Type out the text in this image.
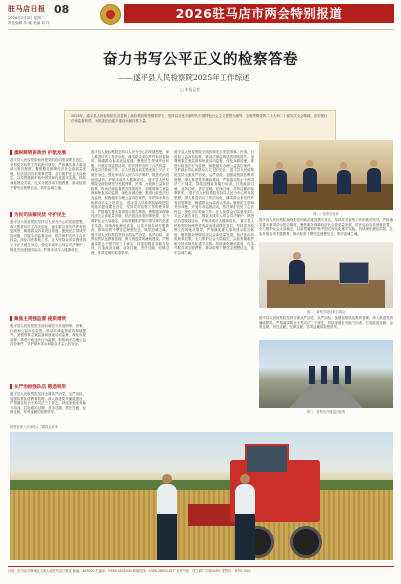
驻马店日报 08
2026年2月3日 星期二
责任编辑 李 娜 美编 刘 洋
2026驻马店市两会特别报道
奋力书写公平正义的检察答卷
——遂平县人民检察院2025年工作综述
□ 本报记者
2025年，遂平县人民检察院在县委和上级检察院的坚强领导下，坚持以习近平新时代中国特色社会主义思想为指导，全面贯彻党的二十大和二十届历次全会精神，忠实履行法律监督职责，为推进法治遂平建设贡献检察力量。
旗帜鲜明讲政治 护航发展
遂平县人民检察院始终把党的政治建设摆在首位，坚持党对检察工作的绝对领导，严格落实重大事项请示报告制度，聚焦服务保障经济社会高质量发展，依法惩治各类刑事犯罪，全力维护社会大局稳定，以检察履职护航中国式现代化遂平实践。持续深化理论武装，扎实开展各项专题教育，推动检察干警坚定理想信念、筑牢忠诚之魂。
为民司法解民忧 守护民生
遂平县人民检察院坚持以人民为中心的发展思想，深入推进信访工作法治化，落实群众来信件件有回复制度，畅通群众诉求表达渠道。聚焦民生领域突出问题，开展专项监督活动，依法保护农民工合法权益，深化司法救助工作，让人民群众切实感受到公平正义就在身边。强化未成年人综合司法保护，推进法治进校园活动，护航未成年人健康成长。
聚焦主责强监督 提质增效
遂平县人民检察院全面协调充分发展刑事、民事、行政和公益诉讼检察，推动法律监督质效持续提升。加强刑事立案监督和侦查活动监督，深化诉源治理，推进行政违法行为监督，积极稳妥办理公益诉讼案件，守护绿水青山和群众舌尖上的安全。
从严治检强队伍 锻造铁军
遂平县人民检察院坚持全面从严治党、从严治检，加强检察队伍教育管理，深入推进党风廉政建设，严格落实防止干预司法三个规定，持续加强业务能力培训，打造政治过硬、业务过硬、责任过硬、纪律过硬、作风过硬的检察铁军。
遂平县人民检察院坚持以人民为中心的发展思想，深入推进信访工作法治化，落实群众来信件件有回复制度，畅通群众诉求表达渠道。聚焦民生领域突出问题，开展专项监督活动，依法保护农民工合法权益，深化司法救助工作，让人民群众切实感受到公平正义就在身边。强化未成年人综合司法保护，推进法治进校园活动，护航未成年人健康成长。 遂平县人民检察院全面协调充分发展刑事、民事、行政和公益诉讼检察，推动法律监督质效持续提升。加强刑事立案监督和侦查活动监督，深化诉源治理，推进行政违法行为监督，积极稳妥办理公益诉讼案件，守护绿水青山和群众舌尖上的安全。 遂平县人民检察院始终把党的政治建设摆在首位，坚持党对检察工作的绝对领导，严格落实重大事项请示报告制度，聚焦服务保障经济社会高质量发展，依法惩治各类刑事犯罪，全力维护社会大局稳定，以检察履职护航中国式现代化遂平实践。持续深化理论武装，扎实开展各项专题教育，推动检察干警坚定理想信念、筑牢忠诚之魂。 遂平县人民检察院坚持全面从严治党、从严治检，加强检察队伍教育管理，深入推进党风廉政建设，严格落实防止干预司法三个规定，持续加强业务能力培训，打造政治过硬、业务过硬、责任过硬、纪律过硬、作风过硬的检察铁军。
遂平县人民检察院全面协调充分发展刑事、民事、行政和公益诉讼检察，推动法律监督质效持续提升。加强刑事立案监督和侦查活动监督，深化诉源治理，推进行政违法行为监督，积极稳妥办理公益诉讼案件，守护绿水青山和群众舌尖上的安全。 遂平县人民检察院坚持全面从严治党、从严治检，加强检察队伍教育管理，深入推进党风廉政建设，严格落实防止干预司法三个规定，持续加强业务能力培训，打造政治过硬、业务过硬、责任过硬、纪律过硬、作风过硬的检察铁军。 遂平县人民检察院坚持以人民为中心的发展思想，深入推进信访工作法治化，落实群众来信件件有回复制度，畅通群众诉求表达渠道。聚焦民生领域突出问题，开展专项监督活动，依法保护农民工合法权益，深化司法救助工作，让人民群众切实感受到公平正义就在身边。强化未成年人综合司法保护，推进法治进校园活动，护航未成年人健康成长。 遂平县人民检察院始终把党的政治建设摆在首位，坚持党对检察工作的绝对领导，严格落实重大事项请示报告制度，聚焦服务保障经济社会高质量发展，依法惩治各类刑事犯罪，全力维护社会大局稳定，以检察履职护航中国式现代化遂平实践。持续深化理论武装，扎实开展各项专题教育，推动检察干警坚定理想信念、筑牢忠诚之魂。
遂平县人民检察院始终把党的政治建设摆在首位，坚持党对检察工作的绝对领导，严格落实重大事项请示报告制度，聚焦服务保障经济社会高质量发展，依法惩治各类刑事犯罪，全力维护社会大局稳定，以检察履职护航中国式现代化遂平实践。持续深化理论武装，扎实开展各项专题教育，推动检察干警坚定理想信念、筑牢忠诚之魂。
遂平县人民检察院坚持全面从严治党、从严治检，加强检察队伍教育管理，深入推进党风廉政建设，严格落实防止干预司法三个规定，持续加强业务能力培训，打造政治过硬、业务过硬、责任过硬、纪律过硬、作风过硬的检察铁军。
图一：检察官座谈
图二：检察官接待来访群众
图三：检察官开展巡回检察
检察官深入田间地头了解群众诉求
社址：驻马店市驿城区文明大道驻马店日报社 邮编：463000 总编室：0396-2805000 新闻热线：0396-2805110 广告许可证：驻工商广字第008号 零售价：每份1.50元
